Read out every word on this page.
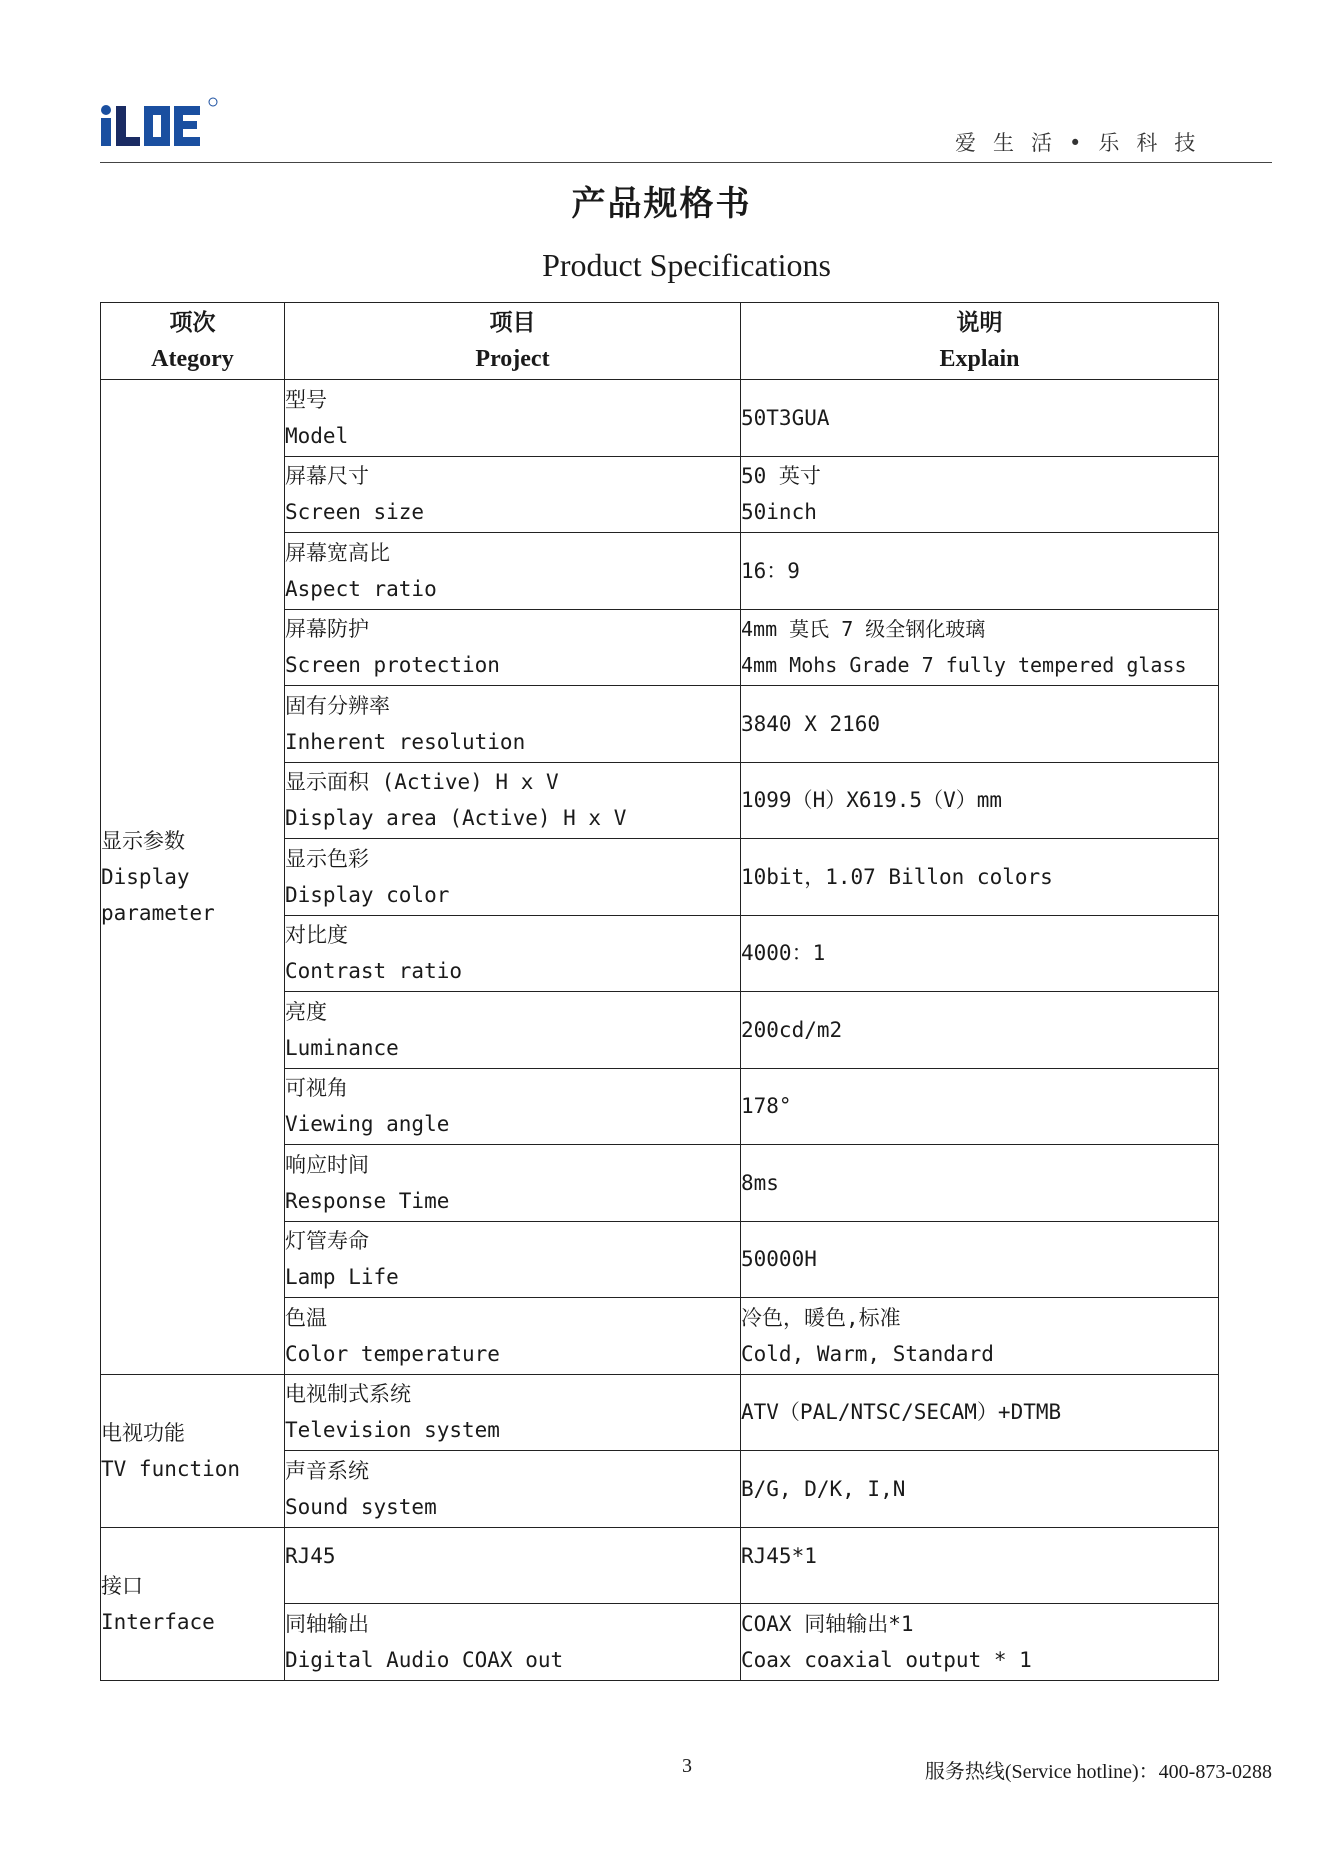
爱 生 活 • 乐 科 技
产品规格书
Product Specifications
项次
Ategory	项目
Project	说明
Explain

显示参数
Display
parameter	型号
Model	50T3GUA

	屏幕尺寸
Screen size	50 英寸
50inch

	屏幕宽高比
Aspect ratio	16：9

	屏幕防护
Screen protection	4mm 莫氏 7 级全钢化玻璃
4mm Mohs Grade 7 fully tempered glass

	固有分辨率
Inherent resolution	3840 X 2160

	显示面积 (Active) H x V
Display area (Active) H x V	1099（H）X619.5（V）mm

	显示色彩
Display color	10bit，1.07 Billon colors

	对比度
Contrast ratio	4000：1

	亮度
Luminance	200cd/m2

	可视角
Viewing angle	178°

	响应时间
Response Time	8ms

	灯管寿命
Lamp Life	50000H

	色温
Color temperature	冷色，暖色,标准
Cold, Warm, Standard

电视功能
TV function	电视制式系统
Television system	ATV（PAL/NTSC/SECAM）+DTMB

	声音系统
Sound system	B/G, D/K, I,N

接口
Interface	RJ45	RJ45*1

	同轴输出
Digital Audio COAX out	COAX 同轴输出*1
Coax coaxial output * 1
3	服务热线(Service hotline)：400-873-0288
